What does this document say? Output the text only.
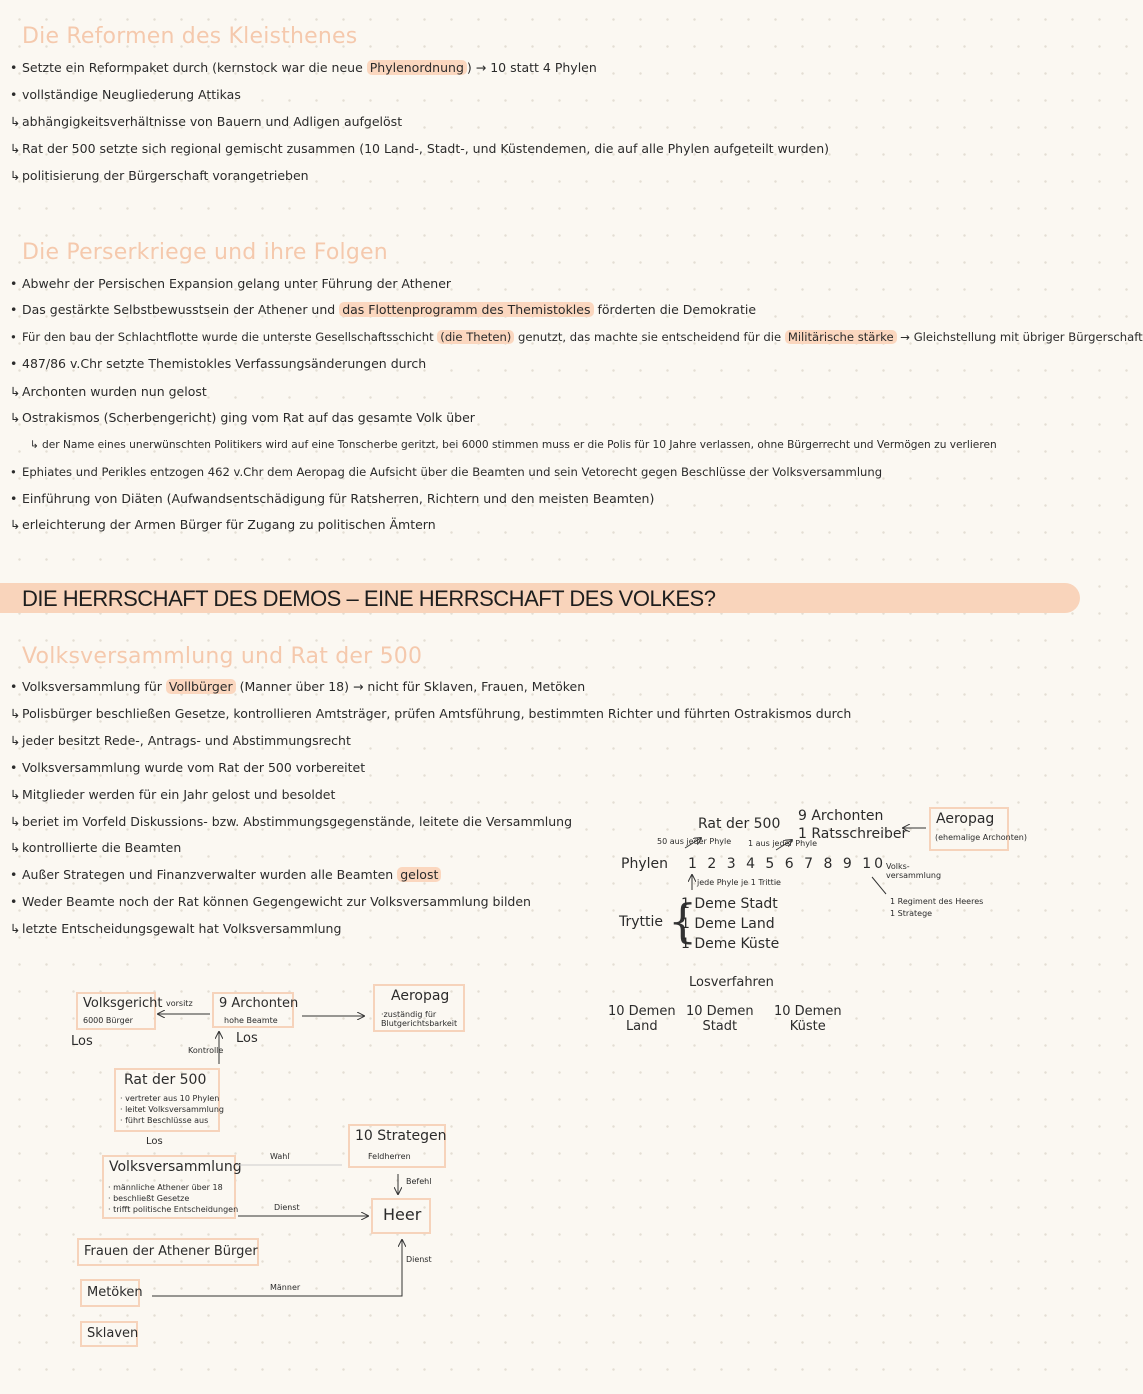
Die Reformen des Kleisthenes
• Setzte ein Reformpaket durch (kernstock war die neue Phylenordnung ) → 10 statt 4 Phylen
• vollständige Neugliederung Attikas
↳ abhängigkeitsverhältnisse von Bauern und Adligen aufgelöst
↳ Rat der 500 setzte sich regional gemischt zusammen (10 Land-, Stadt-, und Küstendemen, die auf alle Phylen aufgeteilt wurden)
↳ politisierung der Bürgerschaft vorangetrieben
Die Perserkriege und ihre Folgen
• Abwehr der Persischen Expansion gelang unter Führung der Athener
• Das gestärkte Selbstbewusstsein der Athener und das Flottenprogramm des Themistokles förderten die Demokratie
• Für den bau der Schlachtflotte wurde die unterste Gesellschaftsschicht (die Theten) genutzt, das machte sie entscheidend für die Militärische stärke → Gleichstellung mit übriger Bürgerschaft
• 487/86 v.Chr setzte Themistokles Verfassungsänderungen durch
↳ Archonten wurden nun gelost
↳ Ostrakismos (Scherbengericht) ging vom Rat auf das gesamte Volk über
↳ der Name eines unerwünschten Politikers wird auf eine Tonscherbe geritzt, bei 6000 stimmen muss er die Polis für 10 Jahre verlassen, ohne Bürgerrecht und Vermögen zu verlieren
• Ephiates und Perikles entzogen 462 v.Chr dem Aeropag die Aufsicht über die Beamten und sein Vetorecht gegen Beschlüsse der Volksversammlung
• Einführung von Diäten (Aufwandsentschädigung für Ratsherren, Richtern und den meisten Beamten)
↳ erleichterung der Armen Bürger für Zugang zu politischen Ämtern
DIE HERRSCHAFT DES DEMOS – EINE HERRSCHAFT DES VOLKES?
Volksversammlung und Rat der 500
• Volksversammlung für Vollbürger (Manner über 18) → nicht für Sklaven, Frauen, Metöken
↳ Polisbürger beschließen Gesetze, kontrollieren Amtsträger, prüfen Amtsführung, bestimmten Richter und führten Ostrakismos durch
↳ jeder besitzt Rede-, Antrags- und Abstimmungsrecht
• Volksversammlung wurde vom Rat der 500 vorbereitet
↳ Mitglieder werden für ein Jahr gelost und besoldet
↳ beriet im Vorfeld Diskussions- bzw. Abstimmungsgegenstände, leitete die Versammlung
↳ kontrollierte die Beamten
• Außer Strategen und Finanzverwalter wurden alle Beamten gelost
• Weder Beamte noch der Rat können Gegengewicht zur Volksversammlung bilden
↳ letzte Entscheidungsgewalt hat Volksversammlung
Rat der 500 9 Archonten
1 Ratsschreiber
Aeropag
(ehemalige Archonten)
50 aus jeder Phyle 1 aus jeder Phyle
Phylen 1 2 3 4 5 6 7 8 9 10 Volks-versammlung
1 Regiment des Heeres
1 Stratege
jede Phyle je 1 Trittie
Tryttie {
1 Deme Stadt
1 Deme Land
1 Deme Küste
Losverfahren
10 Demen
Land
10 Demen
Stadt
10 Demen
Küste
Volksgericht
6000 Bürger
vorsitz 9 Archonten
hohe Beamte
Aeropag
·zuständig für Blutgerichtsbarkeit
Los	Los
Kontrolle
Rat der 500
· vertreter aus 10 Phylen
· leitet Volksversammlung
· führt Beschlüsse aus
Los	10 Strategen
Feldherren
Wahl
Befehl
Volksversammlung
· männliche Athener über 18
· beschließt Gesetze
· trifft politische Entscheidungen	Dienst	Heer
Dienst
Frauen der Athener Bürger
Metöken	Männer
Sklaven
